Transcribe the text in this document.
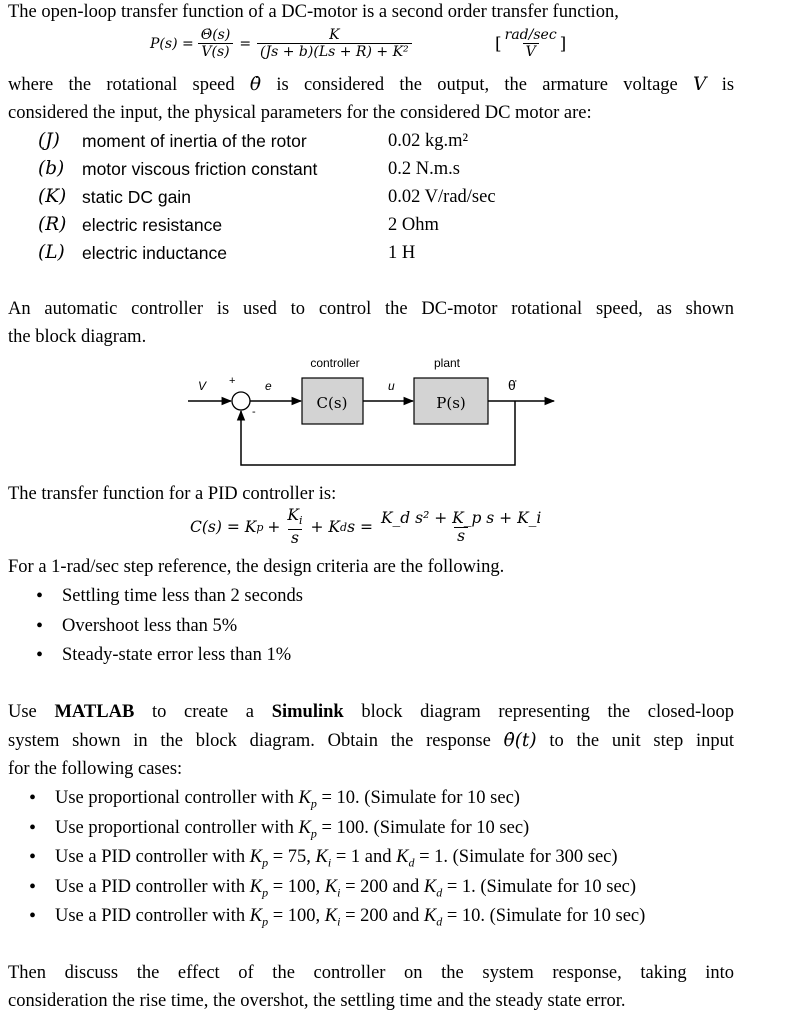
The open-loop transfer function of a DC-motor is a second order transfer function,
$P(s) = \frac{\Thetȧ(s)}{V(s)} = \frac{K}{\text{(Js + b)(Ls + R) + K²}}$	[ $\frac{\text{rad/sec}}{V}$ ]
where the rotational speed θ̇ is considered the output, the armature voltage V is
considered the input, the physical parameters for the considered DC motor are:
(J) moment of inertia of the rotor	0.02 kg.m²
(b) motor viscous friction constant	0.2 N.m.s
(K) static DC gain	0.02 V/rad/sec
(R) electric resistance	2 Ohm
(L) electric inductance	1 H
An automatic controller is used to control the DC-motor rotational speed, as shown
the block diagram.
controller	plant
V +
-
e	u	θ̇
C(s)	P(s)
The transfer function for a PID controller is:
C(s) = K $p + \frac{K_i}{s} + K$ d $s = \frac{\text{K\_d s² + K\_p s + K\_i}}{s}$
For a 1-rad/sec step reference, the design criteria are the following.
• Settling time less than 2 seconds
• Overshoot less than 5%
• Steady-state error less than 1%
Use MATLAB to create a Simulink block diagram representing the closed-loop
system shown in the block diagram. Obtain the response θ̇(t) to the unit step input
for the following cases:
• Use proportional controller with $K_p = 10$. (Simulate for 10 sec)
• Use proportional controller with $K_p = 100$. (Simulate for 10 sec)
• Use a PID controller with $K_p = 75$, $K_i = 1$ and $K_d = 1$. (Simulate for 300 sec)
• Use a PID controller with $K_p = 100$, $K_i = 200$ and $K_d = 1$. (Simulate for 10 sec)
• Use a PID controller with $K_p = 100$, $K_i = 200$ and $K_d = 10$. (Simulate for 10 sec)
Then discuss the effect of the controller on the system response, taking into
consideration the rise time, the overshot, the settling time and the steady state error.
